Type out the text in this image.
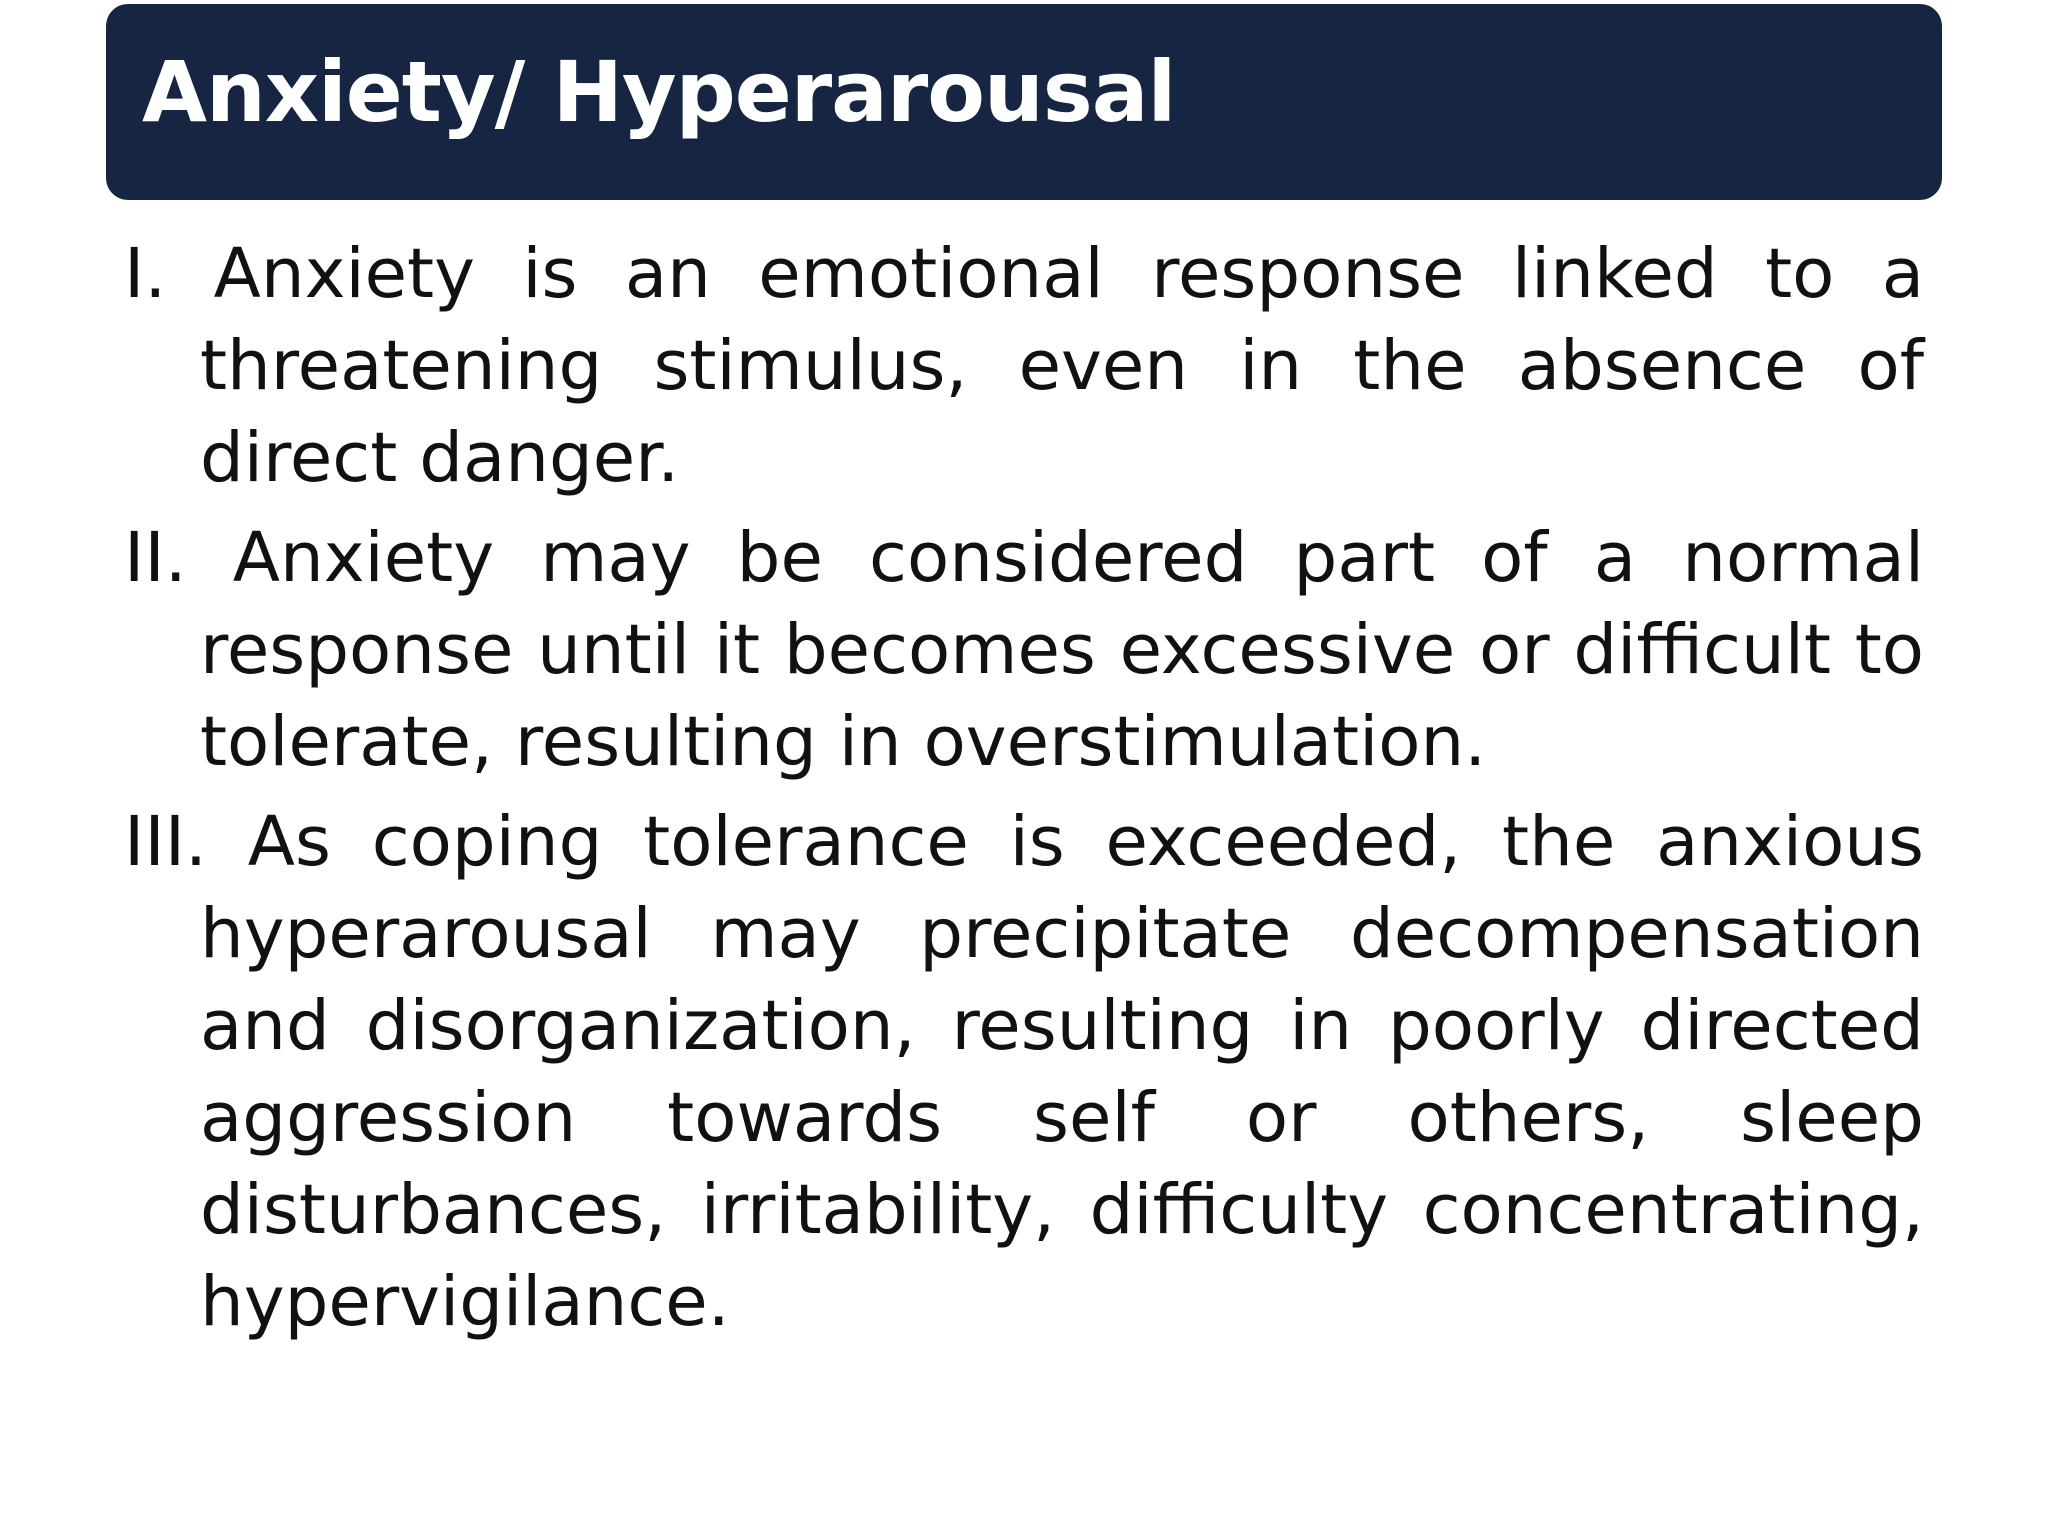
Anxiety/ Hyperarousal
I. Anxiety is an emotional response linked to a threatening stimulus, even in the absence of direct danger.
II. Anxiety may be considered part of a normal response until it becomes excessive or difficult to tolerate, resulting in overstimulation.
III. As coping tolerance is exceeded, the anxious hyperarousal may precipitate decompensation and disorganization, resulting in poorly directed aggression towards self or others, sleep disturbances, irritability, difficulty concentrating, hypervigilance.
